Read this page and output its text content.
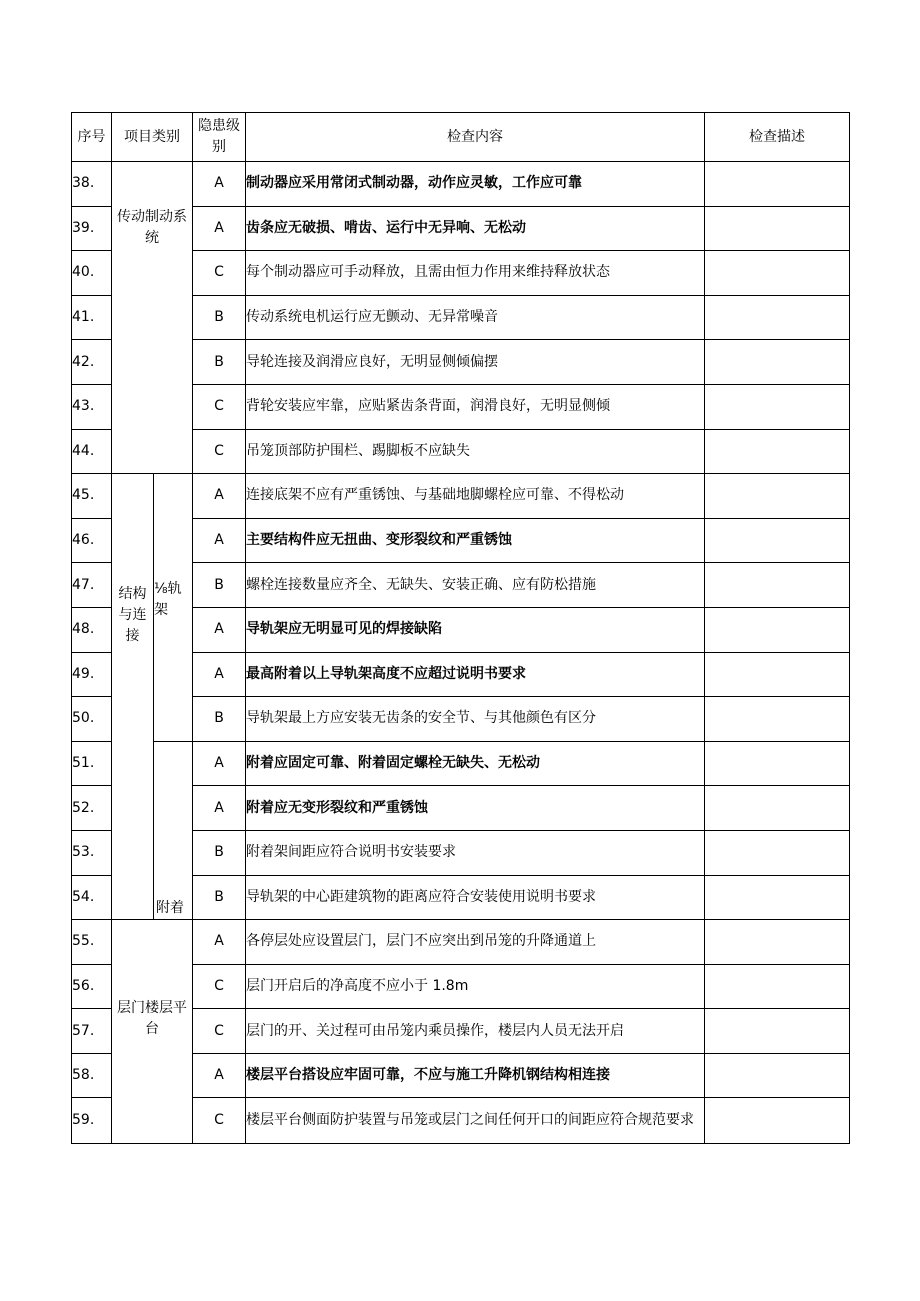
序号	项目类别		隐患级别	检查内容	检查描述
38.	传动制动系统		A	制动器应采用常闭式制动器，动作应灵敏，工作应可靠	
39.			A	齿条应无破损、啃齿、运行中无异响、无松动	
40.			C	每个制动器应可手动释放，且需由恒力作用来维持释放状态	
41.			B	传动系统电机运行应无颤动、无异常噪音	
42.			B	导轮连接及润滑应良好，无明显侧倾偏摆	
43.			C	背轮安装应牢靠，应贴紧齿条背面，润滑良好，无明显侧倾	
44.			C	吊笼顶部防护围栏、踢脚板不应缺失	
45.	结构与连接	⅛轨架	A	连接底架不应有严重锈蚀、与基础地脚螺栓应可靠、不得松动	
46.			A	主要结构件应无扭曲、变形裂纹和严重锈蚀	
47.			B	螺栓连接数量应齐全、无缺失、安装正确、应有防松措施	
48.			A	导轨架应无明显可见的焊接缺陷	
49.			A	最高附着以上导轨架高度不应超过说明书要求	
50.			B	导轨架最上方应安装无齿条的安全节、与其他颜色有区分	
51.		附着	A	附着应固定可靠、附着固定螺栓无缺失、无松动	
52.			A	附着应无变形裂纹和严重锈蚀	
53.			B	附着架间距应符合说明书安装要求	
54.			B	导轨架的中心距建筑物的距离应符合安装使用说明书要求	
55.	层门楼层平台		A	各停层处应设置层门，层门不应突出到吊笼的升降通道上	
56.			C	层门开启后的净高度不应小于 1.8m	
57.			C	层门的开、关过程可由吊笼内乘员操作，楼层内人员无法开启	
58.			A	楼层平台搭设应牢固可靠，不应与施工升降机钢结构相连接	
59.			C	楼层平台侧面防护装置与吊笼或层门之间任何开口的间距应符合规范要求	
